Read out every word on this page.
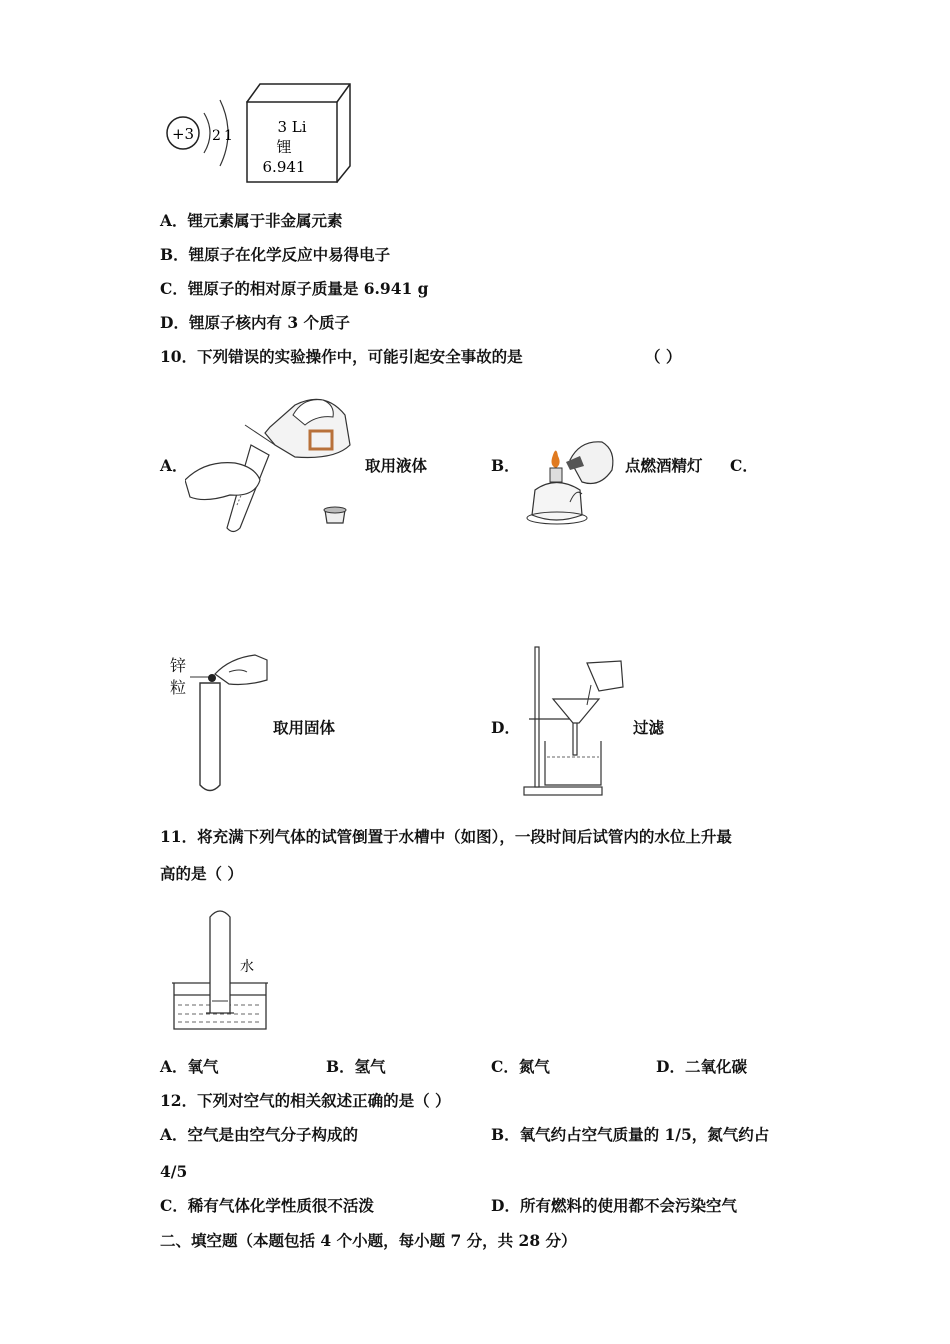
+3 2 1	3 Li
锂
6.941
A．锂元素属于非金属元素
B．锂原子在化学反应中易得电子
C．锂原子的相对原子质量是 6.941 g
D．锂原子核内有 3 个质子
10．下列错误的实验操作中，可能引起安全事故的是	（ ）
A．	取用液体	B．	点燃酒精灯 C．
锌
粒
取用固体	D．	过滤
11．将充满下列气体的试管倒置于水槽中（如图），一段时间后试管内的水位上升最
高的是（ ）
水
A．氧气	B．氢气	C．氮气	D．二氧化碳
12．下列对空气的相关叙述正确的是（ ）
A．空气是由空气分子构成的	B．氧气约占空气质量的 1/5，氮气约占
4/5
C．稀有气体化学性质很不活泼	D．所有燃料的使用都不会污染空气
二、填空题（本题包括 4 个小题，每小题 7 分，共 28 分）
